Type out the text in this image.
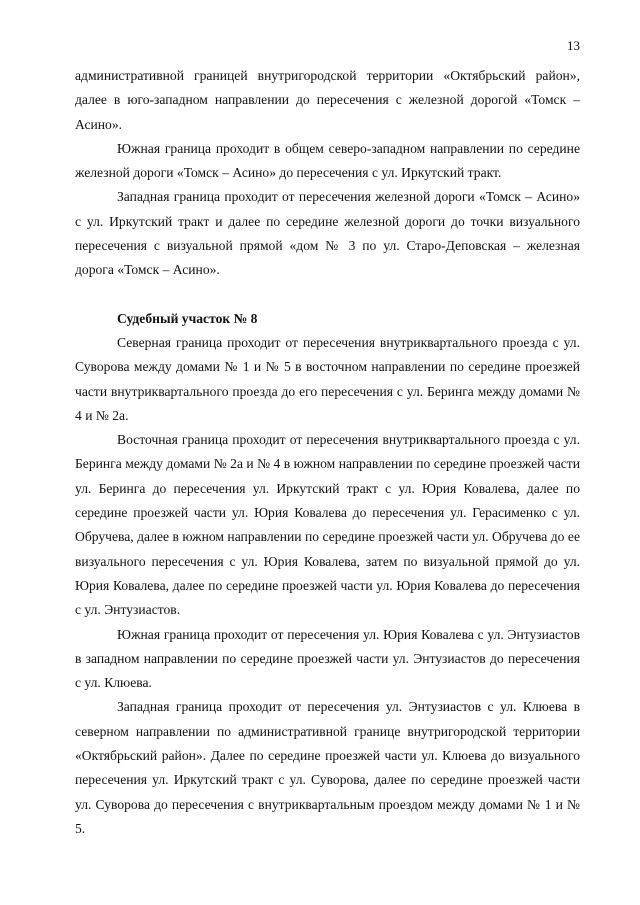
13

административной границей внутригородской территории «Октябрьский район», далее в юго-западном направлении до пересечения с железной дорогой «Томск – Асино».

Южная граница проходит в общем северо-западном направлении по середине железной дороги «Томск – Асино» до пересечения с ул. Иркутский тракт.

Западная граница проходит от пересечения железной дороги «Томск – Асино» с ул. Иркутский тракт и далее по середине железной дороги до точки визуального пересечения с визуальной прямой «дом № 3 по ул. Старо-Деповская – железная дорога «Томск – Асино».

Судебный участок № 8

Северная граница проходит от пересечения внутриквартального проезда с ул. Суворова между домами № 1 и № 5 в восточном направлении по середине проезжей части внутриквартального проезда до его пересечения с ул. Беринга между домами № 4 и № 2а.

Восточная граница проходит от пересечения внутриквартального проезда с ул. Беринга между домами № 2а и № 4 в южном направлении по середине проезжей части ул. Беринга до пересечения ул. Иркутский тракт с ул. Юрия Ковалева, далее по середине проезжей части ул. Юрия Ковалева до пересечения ул. Герасименко с ул. Обручева, далее в южном направлении по середине проезжей части ул. Обручева до ее визуального пересечения с ул. Юрия Ковалева, затем по визуальной прямой до ул. Юрия Ковалева, далее по середине проезжей части ул. Юрия Ковалева до пересечения с ул. Энтузиастов.

Южная граница проходит от пересечения ул. Юрия Ковалева с ул. Энтузиастов в западном направлении по середине проезжей части ул. Энтузиастов до пересечения с ул. Клюева.

Западная граница проходит от пересечения ул. Энтузиастов с ул. Клюева в северном направлении по административной границе внутригородской территории «Октябрьский район». Далее по середине проезжей части ул. Клюева до визуального пересечения ул. Иркутский тракт с ул. Суворова, далее по середине проезжей части ул. Суворова до пересечения с внутриквартальным проездом между домами № 1 и № 5.
